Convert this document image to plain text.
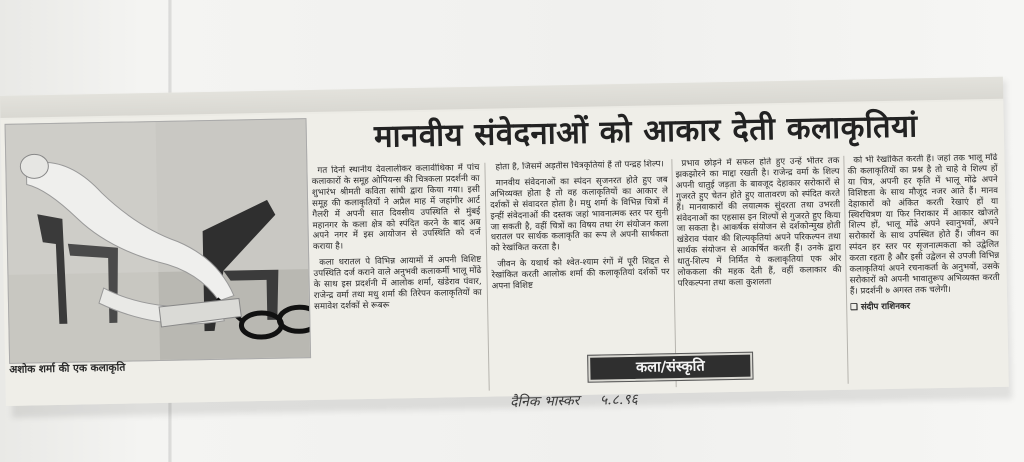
अशोक शर्मा की एक कलाकृति
मानवीय संवेदनाओं को आकार देती कलाकृतियां

गत दिनों स्थानीय देवलालीकर कलावीथिका में पांच कलाकारों के समूह ओपियन्स की चित्रकला प्रदर्शनी का शुभारंभ श्रीमती कविता सांघी द्वारा किया गया। इसी समूह की कलाकृतियों ने अप्रैल माह में जहांगीर आर्ट गैलरी में अपनी सात दिवसीय उपस्थिति से मुंबई महानगर के कला क्षेत्र को स्पंदित करने के बाद अब अपने नगर में इस आयोजन से उपस्थिति को दर्ज कराया है।

कला धरातल पे विभिन्न आयामों में अपनी विशिष्ट उपस्थिति दर्ज कराने वाले अनुभवी कलाकर्मी भालू मोंढे के साथ इस प्रदर्शनी में आलोक शर्मा, खंडेराव पंवार, राजेन्द्र वर्मा तथा मधु शर्मा की तिरेपन कलाकृतियों का समावेश दर्शकों से रूबरू

होता है, जिसमें अड़तीस चित्रकृतियां हैं तो पन्द्रह शिल्प।

मानवीय संवेदनाओं का स्पंदन सृजनरत होते हुए जब अभिव्यक्त होता है तो वह कलाकृतियों का आकार ले दर्शकों से संवादरत होता है। मधु शर्मा के विभिन्न चित्रों में इन्हीं संवेदनाओं की दस्तक जहां भावनात्मक स्तर पर सुनी जा सकती है, वहीं चित्रों का विषय तथा रंग संयोजन कला धरातल पर सार्थक कलाकृति का रूप ले अपनी सार्थकता को रेखांकित करता है।

जीवन के यथार्थ को श्वेत-श्याम रंगों में पूरी शिद्दत से रेखांकित करती आलोक शर्मा की कलाकृतियां दर्शकों पर अपना विशिष्ट

प्रभाव छोड़ने में सफल होते हुए उन्हें भीतर तक झकझोरने का माद्दा रखती है। राजेन्द्र वर्मा के शिल्प अपनी धातुई जड़ता के बावजूद देहाकार सरोकारों से गुजरते हुए चेतन होते हुए वातावरण को स्पंदित करते हैं। मानवाकारों की लयात्मक सुंदरता तथा उभरती संवेदनाओं का एहसास इन शिल्पों से गुजरते हुए किया जा सकता है। आकर्षक संयोजन से दर्शकोन्मुख होती खंडेराव पंवार की शिल्पकृतियां अपने परिकल्पन तथा सार्थक संयोजन से आकर्षित करती हैं। उनके द्वारा धातु-शिल्प में निर्मित ये कलाकृतियां एक ओर लोककला की महक देती हैं, वहीं कलाकार की परिकल्पना तथा कला कुशलता

को भी रेखांकित करती हैं। जहां तक भालू मोंढे की कलाकृतियों का प्रश्न है तो चाहे वे शिल्प हों या चित्र, अपनी हर कृति में भालू मोंढे अपने विशिष्टता के साथ मौजूद नजर आते हैं। मानव देहाकारों को अंकित करती रेखाएं हों या स्थिरचित्रण या फिर निराकार में आकार खोजते शिल्प हों, भालू मोंढे अपने स्वानुभवों, अपने सरोकारों के साथ उपस्थित होते हैं। जीवन का स्पंदन हर स्तर पर सृजनात्मकता को उद्वेलित करता रहता है और इसी उद्वेलन से उपजी विभिन्न कलाकृतियां अपने रचनाकर्ता के अनुभवों, उसके सरोकारों को अपनी भावातुरूप अभिव्यक्त करती हैं। प्रदर्शनी ७ अगस्त तक चलेगी।

❑ संदीप राशिनकर

कला/संस्कृति
दैनिक भास्कर ५.८.९६
